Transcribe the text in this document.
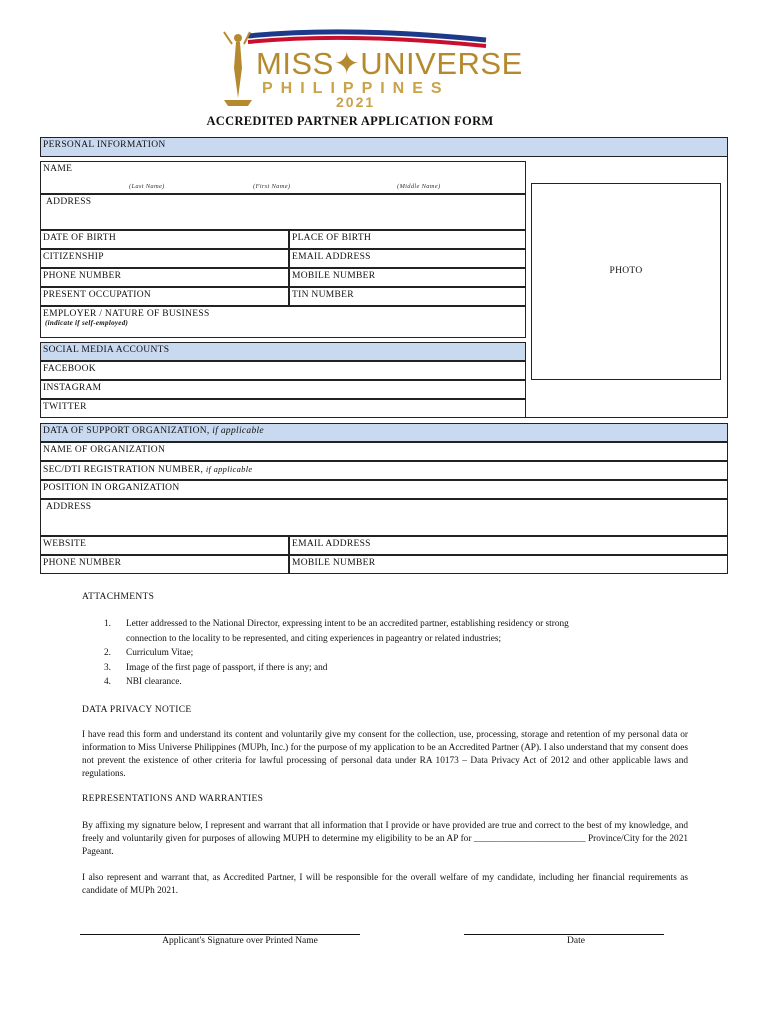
MISS✦UNIVERSE
PHILIPPINES
2021
ACCREDITED PARTNER APPLICATION FORM
PERSONAL INFORMATION
NAME
(Last Name)	(First Name)	(Middle Name)
ADDRESS
DATE OF BIRTH	PLACE OF BIRTH
CITIZENSHIP	EMAIL ADDRESS
PHONE NUMBER	MOBILE NUMBER
PRESENT OCCUPATION	TIN NUMBER
EMPLOYER / NATURE OF BUSINESS
(indicate if self-employed)
SOCIAL MEDIA ACCOUNTS
FACEBOOK
INSTAGRAM
TWITTER
PHOTO
DATA OF SUPPORT ORGANIZATION, if applicable
NAME OF ORGANIZATION
SEC/DTI REGISTRATION NUMBER, if applicable
POSITION IN ORGANIZATION
ADDRESS
WEBSITE	EMAIL ADDRESS
PHONE NUMBER	MOBILE NUMBER
ATTACHMENTS
1. Letter addressed to the National Director, expressing intent to be an accredited partner, establishing residency or strong
connection to the locality to be represented, and citing experiences in pageantry or related industries;
2. Curriculum Vitae;
3. Image of the first page of passport, if there is any; and
4. NBI clearance.
DATA PRIVACY NOTICE
I have read this form and understand its content and voluntarily give my consent for the collection, use, processing, storage and retention of my personal data or information to Miss Universe Philippines (MUPh, Inc.) for the purpose of my application to be an Accredited Partner (AP). I also understand that my consent does not prevent the existence of other criteria for lawful processing of personal data under RA 10173 – Data Privacy Act of 2012 and other applicable laws and regulations.
REPRESENTATIONS AND WARRANTIES
By affixing my signature below, I represent and warrant that all information that I provide or have provided are true and correct to the best of my knowledge, and freely and voluntarily given for purposes of allowing MUPH to determine my eligibility to be an AP for ________________________ Province/City for the 2021 Pageant.
I also represent and warrant that, as Accredited Partner, I will be responsible for the overall welfare of my candidate, including her financial requirements as candidate of MUPh 2021.
Applicant's Signature over Printed Name	Date
